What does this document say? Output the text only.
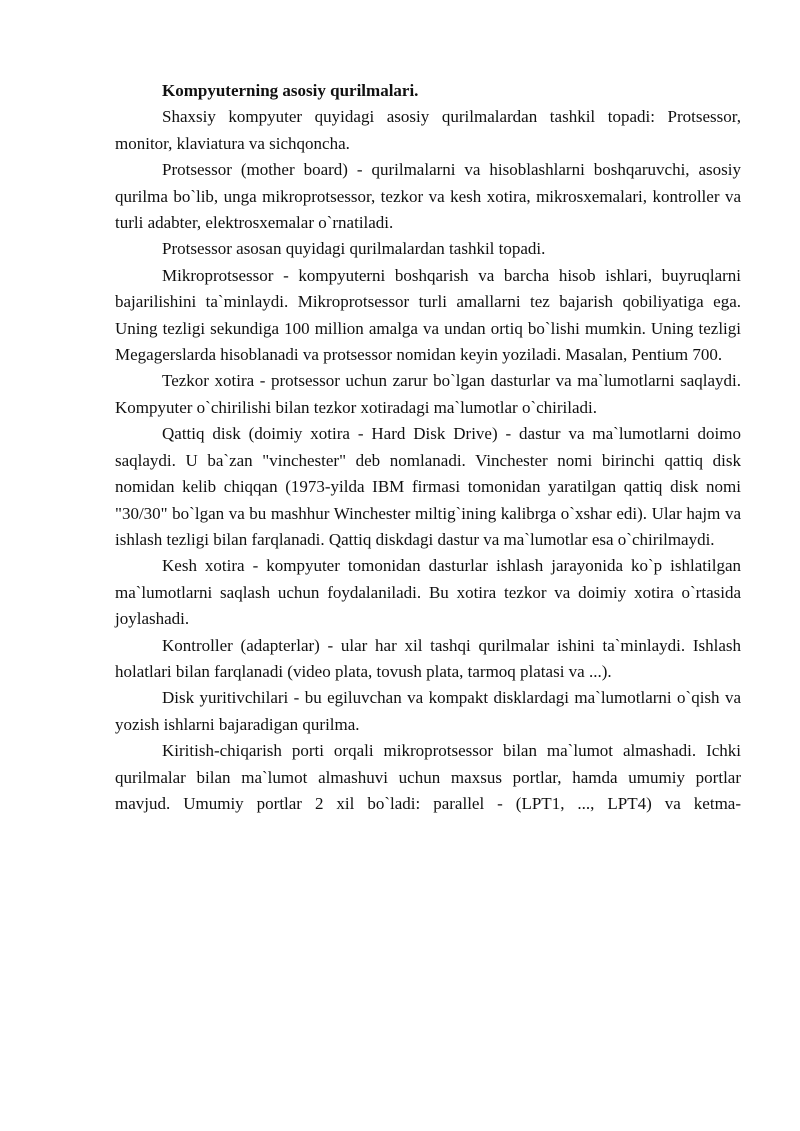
Kompyuterning asosiy qurilmalari.

Shaxsiy kompyuter quyidagi asosiy qurilmalardan tashkil topadi: Protsessor, monitor, klaviatura va sichqoncha.

Protsessor (mother board) - qurilmalarni va hisoblashlarni boshqaruvchi, asosiy qurilma bo`lib, unga mikroprotsessor, tezkor va kesh xotira, mikrosxemalari, kontroller va turli adabter, elektrosxemalar o`rnatiladi.

Protsessor asosan quyidagi qurilmalardan tashkil topadi.

Mikroprotsessor - kompyuterni boshqarish va barcha hisob ishlari, buyruqlarni bajarilishini ta`minlaydi. Mikroprotsessor turli amallarni tez bajarish qobiliyatiga ega. Uning tezligi sekundiga 100 million amalga va undan ortiq bo`lishi mumkin. Uning tezligi Megagerslarda hisoblanadi va protsessor nomidan keyin yoziladi. Masalan, Pentium 700.

Tezkor xotira - protsessor uchun zarur bo`lgan dasturlar va ma`lumotlarni saqlaydi. Kompyuter o`chirilishi bilan tezkor xotiradagi ma`lumotlar o`chiriladi.

Qattiq disk (doimiy xotira - Hard Disk Drive) - dastur va ma`lumotlarni doimo saqlaydi. U ba`zan "vinchester" deb nomlanadi. Vinchester nomi birinchi qattiq disk nomidan kelib chiqqan (1973-yilda IBM firmasi tomonidan yaratilgan qattiq disk nomi "30/30" bo`lgan va bu mashhur Winchester miltig`ining kalibrga o`xshar edi). Ular hajm va ishlash tezligi bilan farqlanadi. Qattiq diskdagi dastur va ma`lumotlar esa o`chirilmaydi.

Kesh xotira - kompyuter tomonidan dasturlar ishlash jarayonida ko`p ishlatilgan ma`lumotlarni saqlash uchun foydalaniladi. Bu xotira tezkor va doimiy xotira o`rtasida joylashadi.

Kontroller (adapterlar) - ular har xil tashqi qurilmalar ishini ta`minlaydi. Ishlash holatlari bilan farqlanadi (video plata, tovush plata, tarmoq platasi va ...).

Disk yuritivchilari - bu egiluvchan va kompakt disklardagi ma`lumotlarni o`qish va yozish ishlarni bajaradigan qurilma.

Kiritish-chiqarish porti orqali mikroprotsessor bilan ma`lumot almashadi. Ichki qurilmalar bilan ma`lumot almashuvi uchun maxsus portlar, hamda umumiy portlar mavjud. Umumiy portlar 2 xil bo`ladi: parallel - (LPT1, ..., LPT4) va ketma-
